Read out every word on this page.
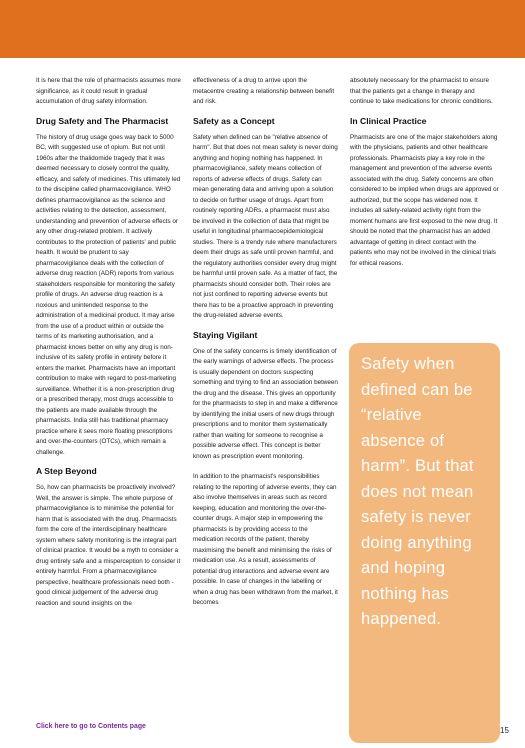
It is here that the role of pharmacists assumes more significance, as it could result in gradual accumulation of drug safety information.

Drug Safety and The Pharmacist

The history of drug usage goes way back to 5000 BC, with suggested use of opium. But not until 1960s after the thalidomide tragedy that it was deemed necessary to closely control the quality, efficacy, and safety of medicines. This ultimately led to the discipline called pharmacovigilance. WHO defines pharmacovigilance as the science and activities relating to the detection, assessment, understanding and prevention of adverse effects or any other drug-related problem. It actively contributes to the protection of patients' and public health. It would be prudent to say pharmacovigilance deals with the collection of adverse drug reaction (ADR) reports from various stakeholders responsible for monitoring the safety profile of drugs. An adverse drug reaction is a noxious and unintended response to the administration of a medicinal product. It may arise from the use of a product within or outside the terms of its marketing authorisation, and a pharmacist knows better on why any drug is non-inclusive of its safety profile in entirety before it enters the market. Pharmacists have an important contribution to make with regard to post-marketing surveillance. Whether it is a non-prescription drug or a prescribed therapy, most drugs accessible to the patients are made available through the pharmacists. India still has traditional pharmacy practice where it sees more floating prescriptions and over-the-counters (OTCs), which remain a challenge.

A Step Beyond

So, how can pharmacists be proactively involved? Well, the answer is simple. The whole purpose of pharmacovigilance is to minimise the potential for harm that is associated with the drug. Pharmacists form the core of the interdisciplinary healthcare system where safety monitoring is the integral part of clinical practice. It would be a myth to consider a drug entirely safe and a misperception to consider it entirely harmful. From a pharmacovigilance perspective, healthcare professionals need both - good clinical judgement of the adverse drug reaction and sound insights on the

effectiveness of a drug to arrive upon the metacentre creating a relationship between benefit and risk.

Safety as a Concept

Safety when defined can be "relative absence of harm". But that does not mean safety is never doing anything and hoping nothing has happened. In pharmacovigilance, safety means collection of reports of adverse effects of drugs. Safety can mean generating data and arriving upon a solution to decide on further usage of drugs. Apart from routinely reporting ADRs, a pharmacist must also be involved in the collection of data that might be useful in longitudinal pharmacoepidemiological studies. There is a trendy rule where manufacturers deem their drugs as safe until proven harmful, and the regulatory authorities consider every drug might be harmful until proven safe. As a matter of fact, the pharmacists should consider both. Their roles are not just confined to reporting adverse events but there has to be a proactive approach in preventing the drug-related adverse events.

Staying Vigilant

One of the safety concerns is timely identification of the early warnings of adverse effects. The process is usually dependent on doctors suspecting something and trying to find an association between the drug and the disease. This gives an opportunity for the pharmacists to step in and make a difference by identifying the initial users of new drugs through prescriptions and to monitor them systematically rather than waiting for someone to recognise a possible adverse effect. This concept is better known as prescription event monitoring.

In addition to the pharmacist's responsibilities relating to the reporting of adverse events, they can also involve themselves in areas such as record keeping, education and monitoring the over-the-counter drugs. A major step in empowering the pharmacists is by providing access to the medication records of the patient, thereby maximising the benefit and minimising the risks of medication use. As a result, assessments of potential drug interactions and adverse event are possible. In case of changes in the labelling or when a drug has been withdrawn from the market, it becomes

absolutely necessary for the pharmacist to ensure that the patients get a change in therapy and continue to take medications for chronic conditions.

In Clinical Practice

Pharmacists are one of the major stakeholders along with the physicians, patients and other healthcare professionals. Pharmacists play a key role in the management and prevention of the adverse events associated with the drug. Safety concerns are often considered to be implied when drugs are approved or authorized, but the scope has widened now. It includes all safety-related activity right from the moment humans are first exposed to the new drug. It should be noted that the pharmacist has an added advantage of getting in direct contact with the patients who may not be involved in the clinical trials for ethical reasons.

Safety when defined can be “relative absence of harm”. But that does not mean safety is never doing anything and hoping nothing has happened.

Click here to go to Contents page	15
